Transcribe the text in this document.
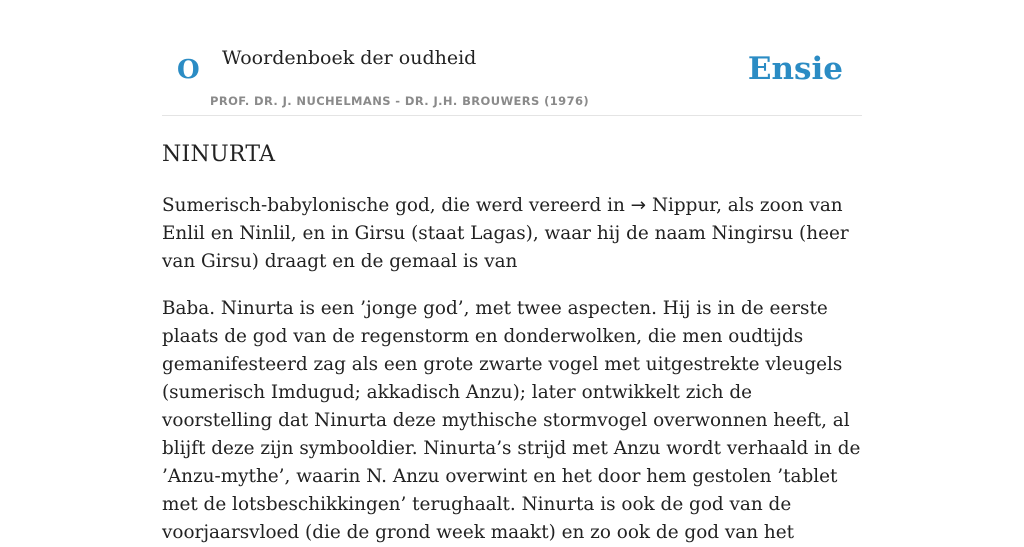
O Woordenboek der oudheid
PROF. DR. J. NUCHELMANS - DR. J.H. BROUWERS (1976)
Ensie
NINURTA

Sumerisch-babylonische god, die werd vereerd in → Nippur, als zoon van Enlil en Ninlil, en in Girsu (staat Lagas), waar hij de naam Ningirsu (heer van Girsu) draagt en de gemaal is van

Baba. Ninurta is een ’jonge god’, met twee aspecten. Hij is in de eerste plaats de god van de regenstorm en donderwolken, die men oudtijds gemanifesteerd zag als een grote zwarte vogel met uitgestrekte vleugels (sumerisch Imdugud; akkadisch Anzu); later ontwikkelt zich de voorstelling dat Ninurta deze mythische stormvogel overwonnen heeft, al blijft deze zijn symbooldier. Ninurta’s strijd met Anzu wordt verhaald in de ’Anzu-mythe’, waarin N. Anzu overwint en het door hem gestolen ’tablet met de lotsbeschikkingen’ terughaalt. Ninurta is ook de god van de voorjaarsvloed (die de grond week maakt) en zo ook de god van het
